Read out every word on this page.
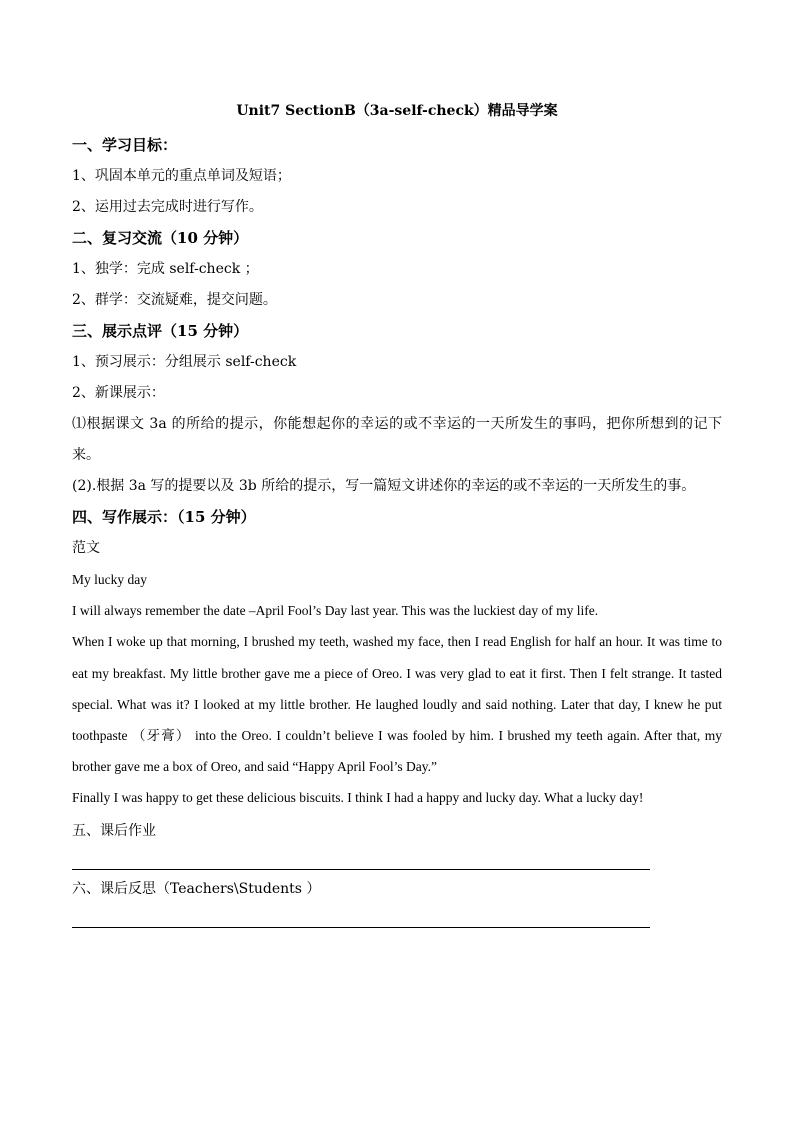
Unit7 SectionB（3a-self-check）精品导学案

一、学习目标：

1、巩固本单元的重点单词及短语；

2、运用过去完成时进行写作。

二、复习交流（10 分钟）

1、独学：完成 self-check ；

2、群学：交流疑难，提交问题。

三、展示点评（15 分钟）

1、预习展示：分组展示 self-check

2、新课展示：

⑴根据课文 3a 的所给的提示，你能想起你的幸运的或不幸运的一天所发生的事吗，把你所想到的记下来。

(2).根据 3a 写的提要以及 3b 所给的提示，写一篇短文讲述你的幸运的或不幸运的一天所发生的事。

四、写作展示：（15 分钟）

范文

My lucky day

I will always remember the date –April Fool’s Day last year. This was the luckiest day of my life.

When I woke up that morning, I brushed my teeth, washed my face, then I read English for half an hour. It was time to eat my breakfast. My little brother gave me a piece of Oreo. I was very glad to eat it first. Then I felt strange. It tasted special. What was it? I looked at my little brother. He laughed loudly and said nothing. Later that day, I knew he put toothpaste （牙膏） into the Oreo. I couldn’t believe I was fooled by him. I brushed my teeth again. After that, my brother gave me a box of Oreo, and said “Happy April Fool’s Day.”

Finally I was happy to get these delicious biscuits. I think I had a happy and lucky day. What a lucky day!

五、课后作业

六、课后反思（Teachers\Students ）
